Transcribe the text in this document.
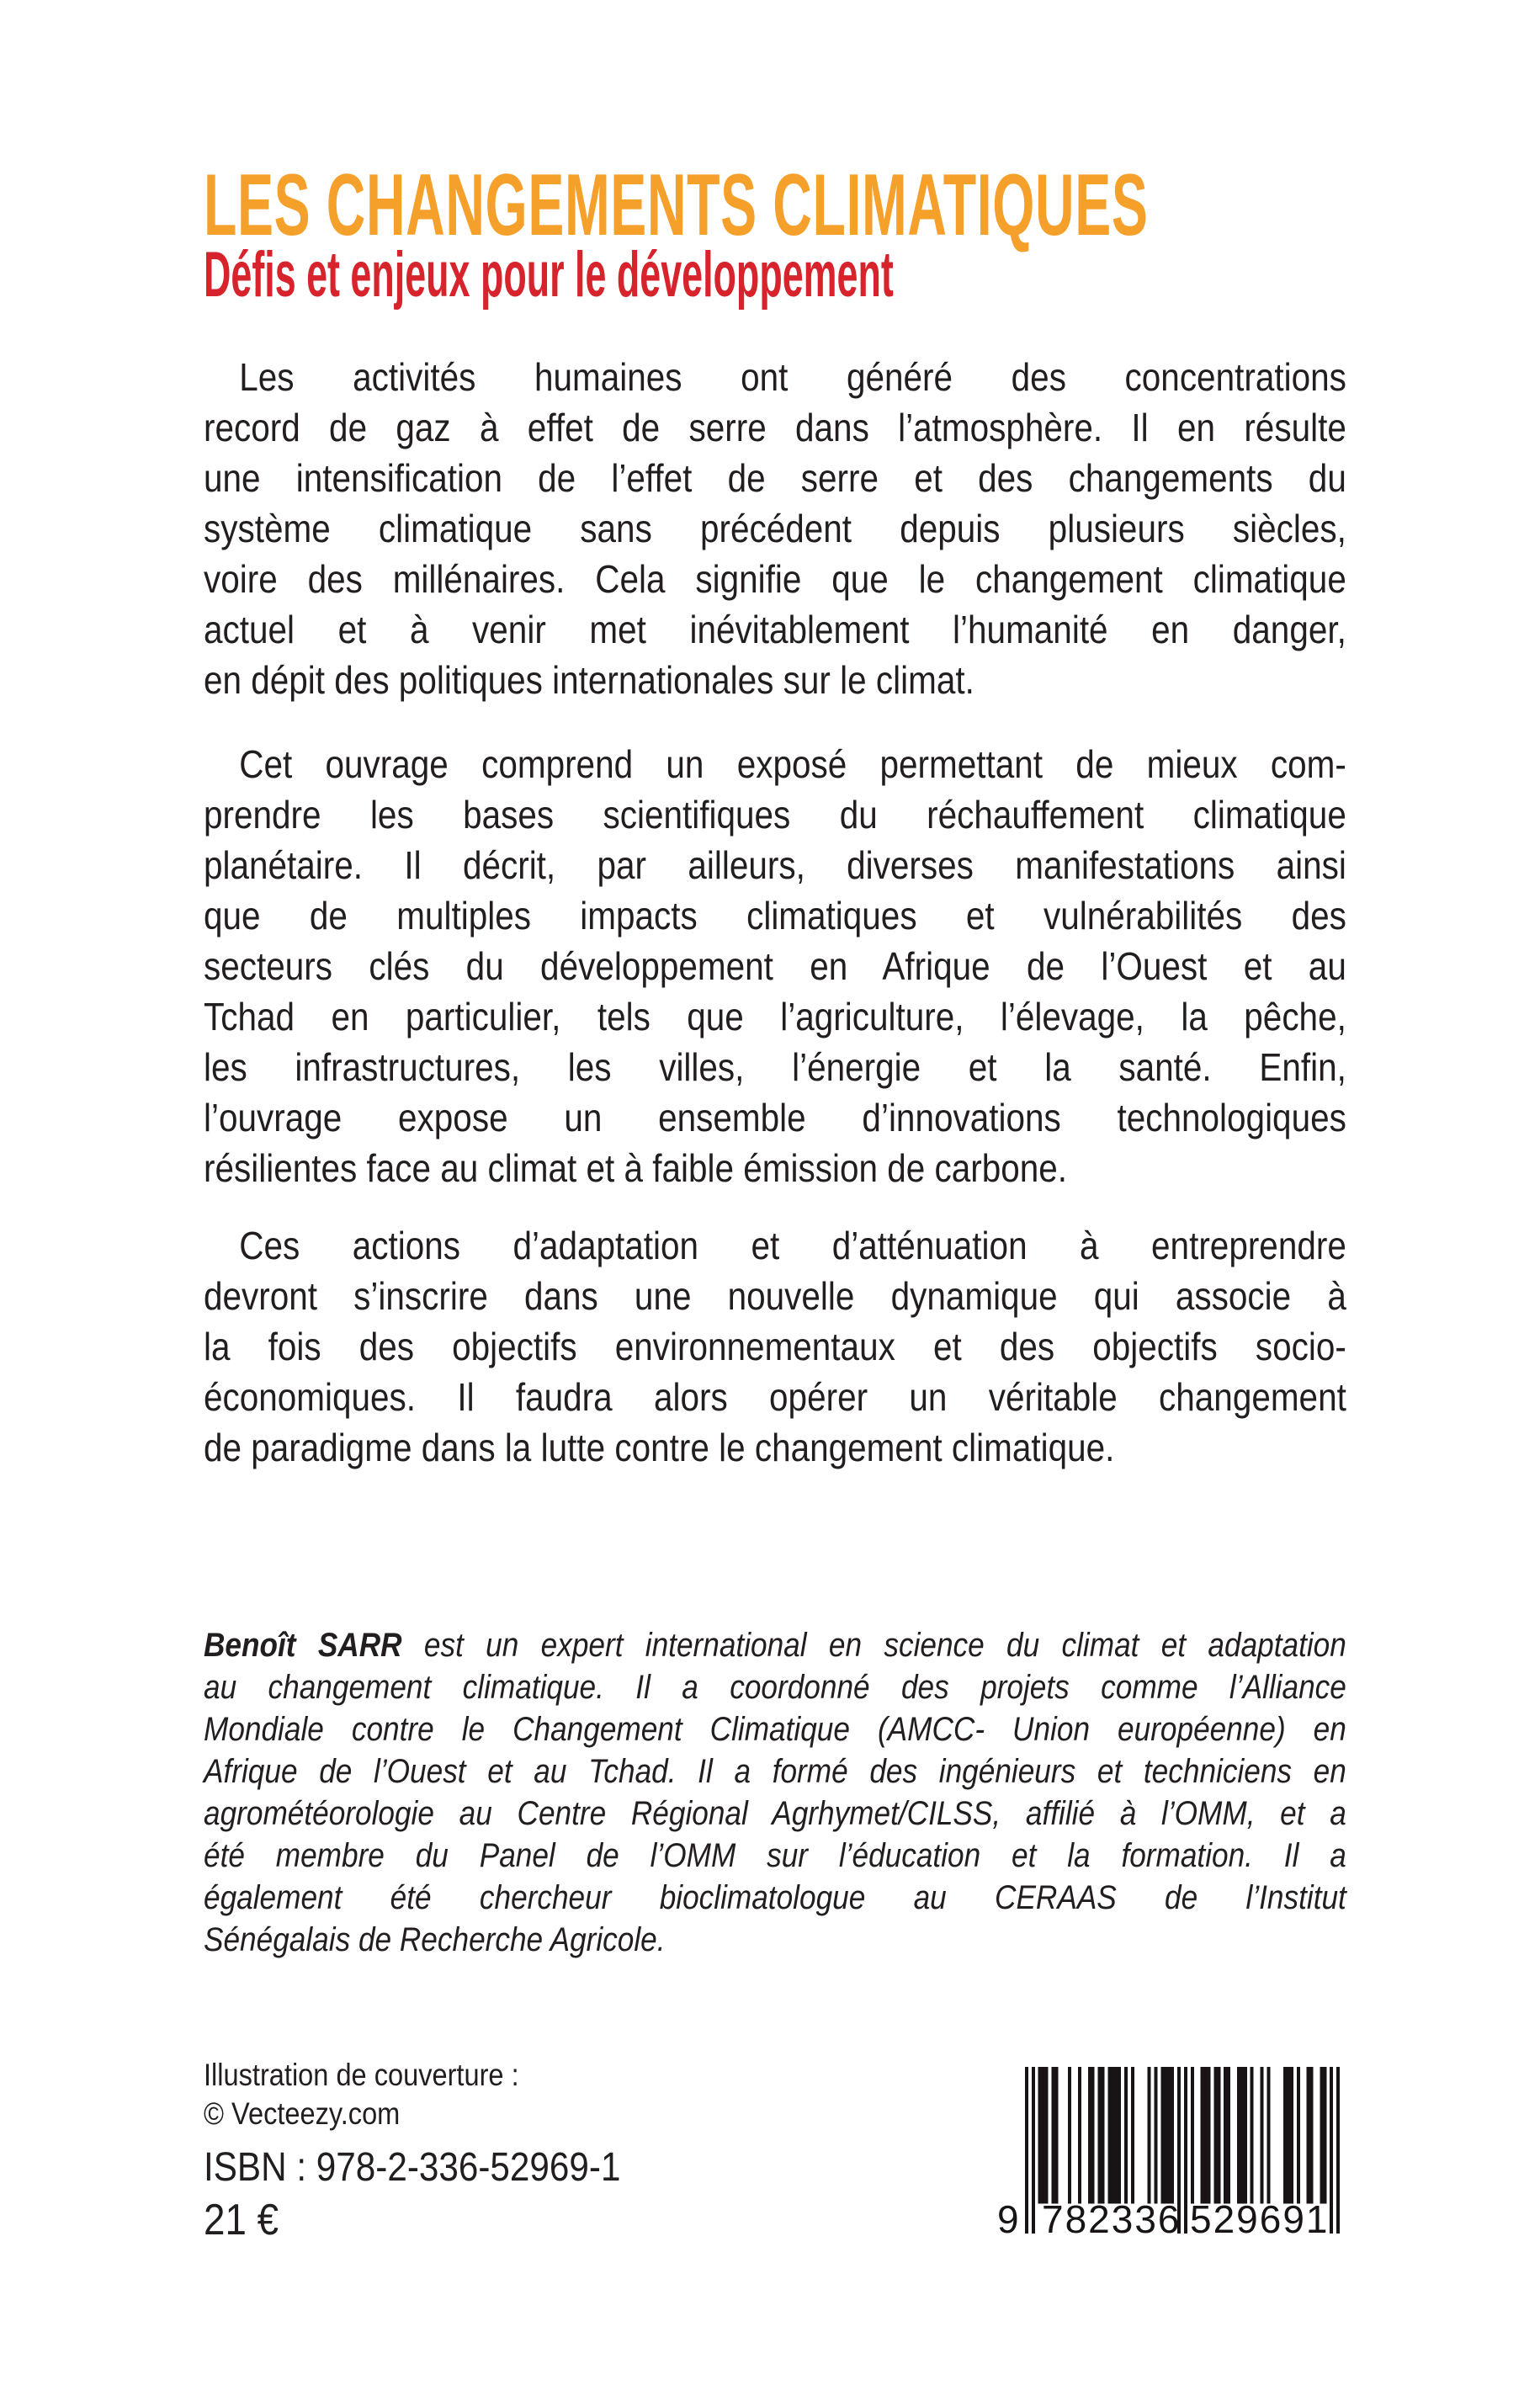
LES CHANGEMENTS CLIMATIQUES
Défis et enjeux pour le développement
Les activités humaines ont généré des concentrations
record de gaz à effet de serre dans l’atmosphère. Il en résulte
une intensification de l’effet de serre et des changements du
système climatique sans précédent depuis plusieurs siècles,
voire des millénaires. Cela signifie que le changement climatique
actuel et à venir met inévitablement l’humanité en danger,
en dépit des politiques internationales sur le climat.
Cet ouvrage comprend un exposé permettant de mieux com-
prendre les bases scientifiques du réchauffement climatique
planétaire. Il décrit, par ailleurs, diverses manifestations ainsi
que de multiples impacts climatiques et vulnérabilités des
secteurs clés du développement en Afrique de l’Ouest et au
Tchad en particulier, tels que l’agriculture, l’élevage, la pêche,
les infrastructures, les villes, l’énergie et la santé. Enfin,
l’ouvrage expose un ensemble d’innovations technologiques
résilientes face au climat et à faible émission de carbone.
Ces actions d’adaptation et d’atténuation à entreprendre
devront s’inscrire dans une nouvelle dynamique qui associe à
la fois des objectifs environnementaux et des objectifs socio-
économiques. Il faudra alors opérer un véritable changement
de paradigme dans la lutte contre le changement climatique.
Benoît SARR est un expert international en science du climat et adaptation
au changement climatique. Il a coordonné des projets comme l’Alliance
Mondiale contre le Changement Climatique (AMCC- Union européenne) en
Afrique de l’Ouest et au Tchad. Il a formé des ingénieurs et techniciens en
agrométéorologie au Centre Régional Agrhymet/CILSS, affilié à l’OMM, et a
été membre du Panel de l’OMM sur l’éducation et la formation. Il a
également été chercheur bioclimatologue au CERAAS de l’Institut
Sénégalais de Recherche Agricole.
Illustration de couverture :
© Vecteezy.com
ISBN : 978-2-336-52969-1
21 €	9 782336 529691
